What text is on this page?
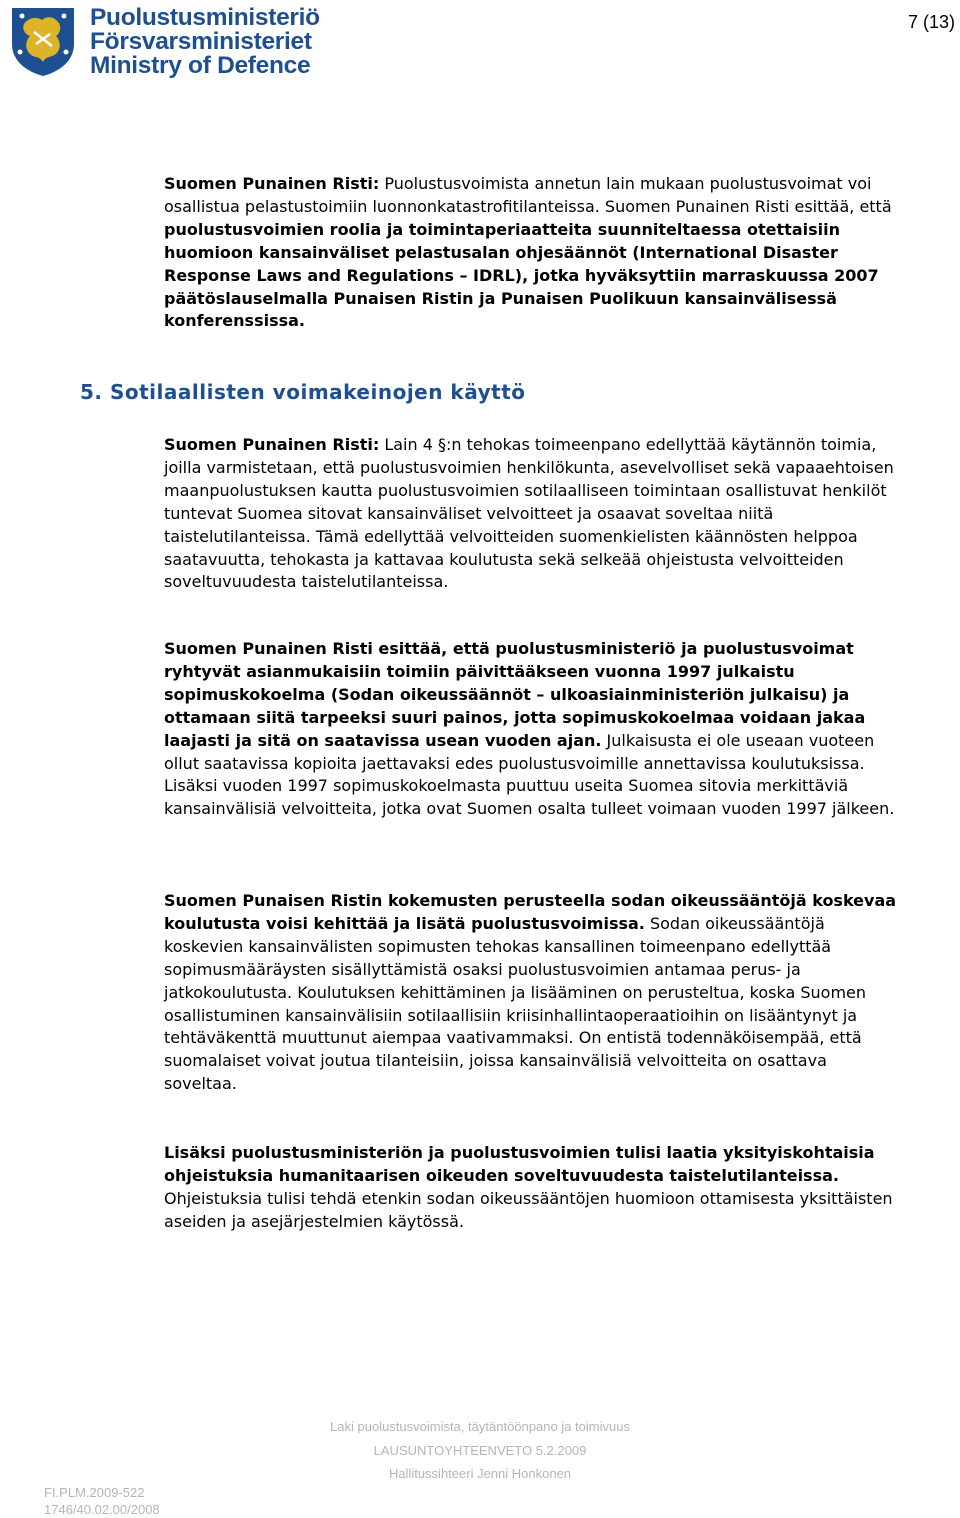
Puolustusministeriö
Försvarsministeriet
Ministry of Defence
7 (13)

Suomen Punainen Risti: Puolustusvoimista annetun lain mukaan puolustusvoimat voi osallistua pelastustoimiin luonnonkatastrofitilanteissa. Suomen Punainen Risti esittää, että puolustusvoimien roolia ja toimintaperiaatteita suunniteltaessa otettaisiin huomioon kansainväliset pelastusalan ohjesäännöt (International Disaster Response Laws and Regulations – IDRL), jotka hyväksyttiin marraskuussa 2007 päätöslauselmalla Punaisen Ristin ja Punaisen Puolikuun kansainvälisessä konferenssissa.

5. Sotilaallisten voimakeinojen käyttö

Suomen Punainen Risti: Lain 4 §:n tehokas toimeenpano edellyttää käytännön toimia, joilla varmistetaan, että puolustusvoimien henkilökunta, asevelvolliset sekä vapaaehtoisen maanpuolustuksen kautta puolustusvoimien sotilaalliseen toimintaan osallistuvat henkilöt tuntevat Suomea sitovat kansainväliset velvoitteet ja osaavat soveltaa niitä taistelutilanteissa. Tämä edellyttää velvoitteiden suomenkielisten käännösten helppoa saatavuutta, tehokasta ja kattavaa koulutusta sekä selkeää ohjeistusta velvoitteiden soveltuvuudesta taistelutilanteissa.

Suomen Punainen Risti esittää, että puolustusministeriö ja puolustusvoimat ryhtyvät asianmukaisiin toimiin päivittääkseen vuonna 1997 julkaistu sopimuskokoelma (Sodan oikeussäännöt – ulkoasiainministeriön julkaisu) ja ottamaan siitä tarpeeksi suuri painos, jotta sopimuskokoelmaa voidaan jakaa laajasti ja sitä on saatavissa usean vuoden ajan. Julkaisusta ei ole useaan vuoteen ollut saatavissa kopioita jaettavaksi edes puolustusvoimille annettavissa koulutuksissa. Lisäksi vuoden 1997 sopimuskokoelmasta puuttuu useita Suomea sitovia merkittäviä kansainvälisiä velvoitteita, jotka ovat Suomen osalta tulleet voimaan vuoden 1997 jälkeen.

Suomen Punaisen Ristin kokemusten perusteella sodan oikeussääntöjä koskevaa koulutusta voisi kehittää ja lisätä puolustusvoimissa. Sodan oikeussääntöjä koskevien kansainvälisten sopimusten tehokas kansallinen toimeenpano edellyttää sopimusmääräysten sisällyttämistä osaksi puolustusvoimien antamaa perus- ja jatkokoulutusta. Koulutuksen kehittäminen ja lisääminen on perusteltua, koska Suomen osallistuminen kansainvälisiin sotilaallisiin kriisinhallintaoperaatioihin on lisääntynyt ja tehtäväkenttä muuttunut aiempaa vaativammaksi. On entistä todennäköisempää, että suomalaiset voivat joutua tilanteisiin, joissa kansainvälisiä velvoitteita on osattava soveltaa.

Lisäksi puolustusministeriön ja puolustusvoimien tulisi laatia yksityiskohtaisia ohjeistuksia humanitaarisen oikeuden soveltuvuudesta taistelutilanteissa. Ohjeistuksia tulisi tehdä etenkin sodan oikeussääntöjen huomioon ottamisesta yksittäisten aseiden ja asejärjestelmien käytössä.

Laki puolustusvoimista, täytäntöönpano ja toimivuus
LAUSUNTOYHTEENVETO 5.2.2009
Hallitussihteeri Jenni Honkonen
FI.PLM.2009-522
1746/40.02.00/2008
